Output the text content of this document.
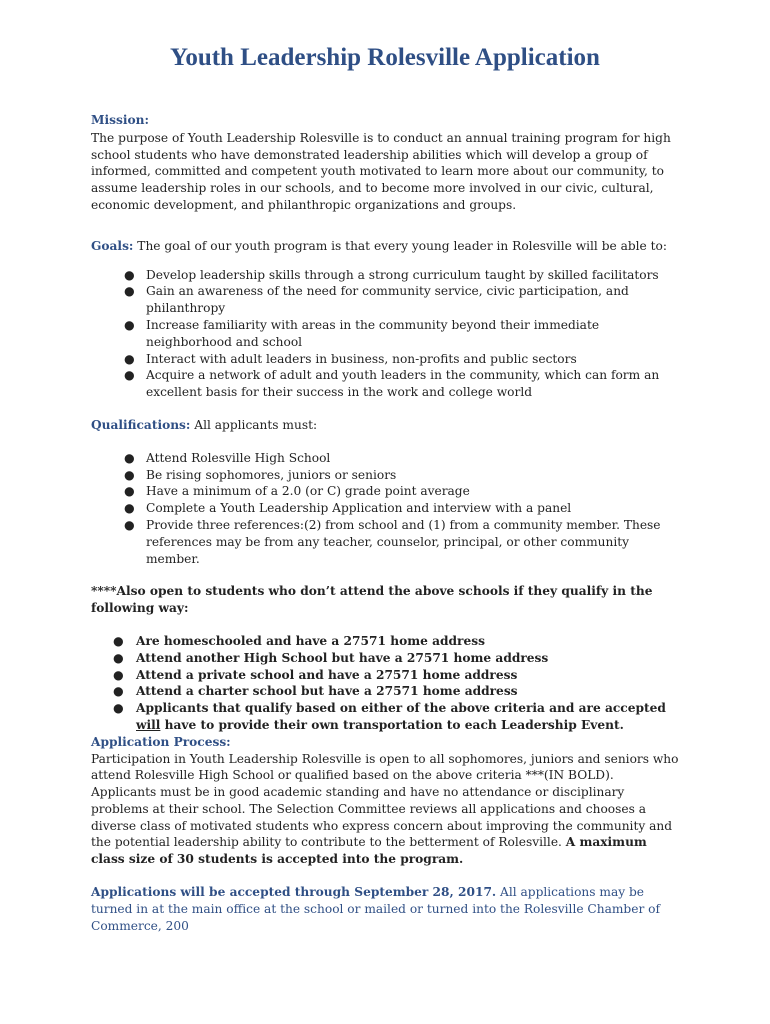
Youth Leadership Rolesville Application

Mission:

The purpose of Youth Leadership Rolesville is to conduct an annual training program for high school students who have demonstrated leadership abilities which will develop a group of informed, committed and competent youth motivated to learn more about our community, to assume leadership roles in our schools, and to become more involved in our civic, cultural, economic development, and philanthropic organizations and groups.

Goals: The goal of our youth program is that every young leader in Rolesville will be able to:

● Develop leadership skills through a strong curriculum taught by skilled facilitators
● Gain an awareness of the need for community service, civic participation, and philanthropy
● Increase familiarity with areas in the community beyond their immediate neighborhood and school
● Interact with adult leaders in business, non-profits and public sectors
● Acquire a network of adult and youth leaders in the community, which can form an excellent basis for their success in the work and college world

Qualifications: All applicants must:

● Attend Rolesville High School
● Be rising sophomores, juniors or seniors
● Have a minimum of a 2.0 (or C) grade point average
● Complete a Youth Leadership Application and interview with a panel
● Provide three references:(2) from school and (1) from a community member. These references may be from any teacher, counselor, principal, or other community member.

****Also open to students who don’t attend the above schools if they qualify in the following way:

● Are homeschooled and have a 27571 home address
● Attend another High School but have a 27571 home address
● Attend a private school and have a 27571 home address
● Attend a charter school but have a 27571 home address
● Applicants that qualify based on either of the above criteria and are accepted will have to provide their own transportation to each Leadership Event.

Application Process:

Participation in Youth Leadership Rolesville is open to all sophomores, juniors and seniors who attend Rolesville High School or qualified based on the above criteria ***(IN BOLD). Applicants must be in good academic standing and have no attendance or disciplinary problems at their school. The Selection Committee reviews all applications and chooses a diverse class of motivated students who express concern about improving the community and the potential leadership ability to contribute to the betterment of Rolesville. A maximum class size of 30 students is accepted into the program.

Applications will be accepted through September 28, 2017. All applications may be turned in at the main office at the school or mailed or turned into the Rolesville Chamber of Commerce, 200
